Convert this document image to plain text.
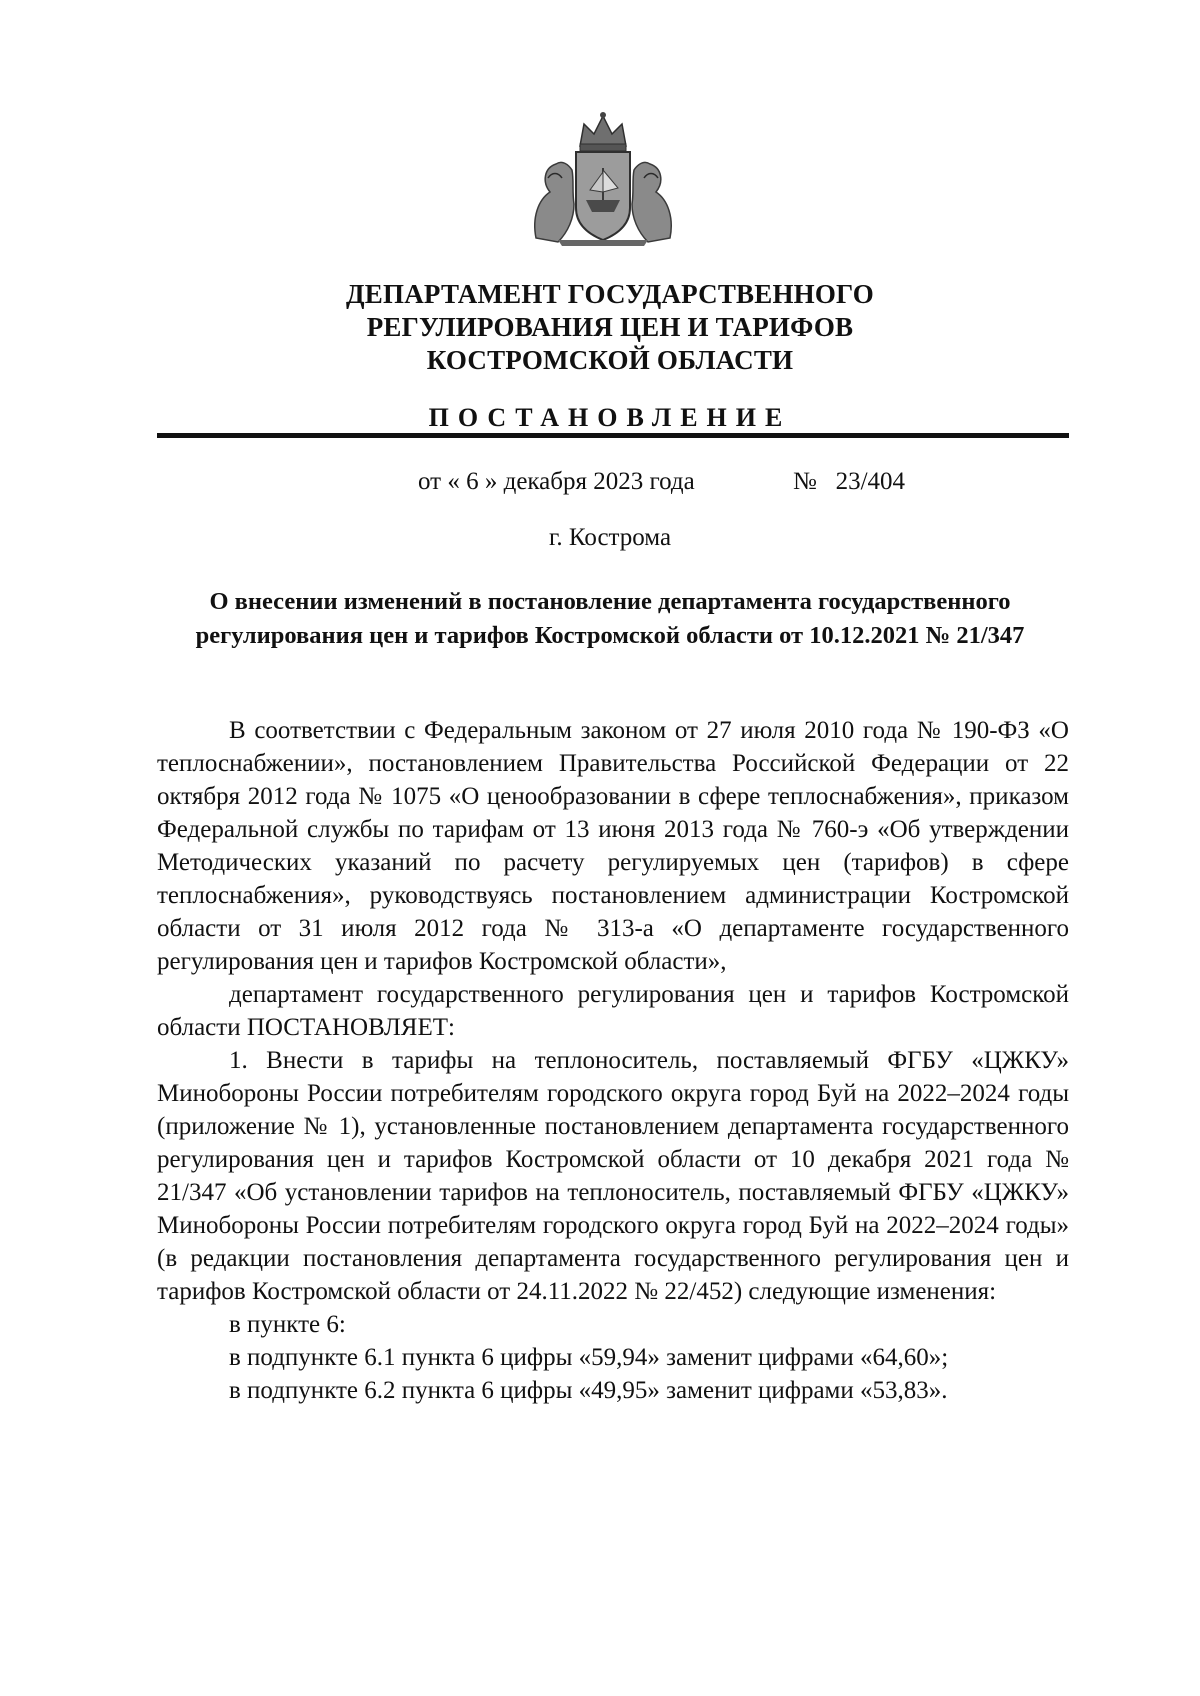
ДЕПАРТАМЕНТ ГОСУДАРСТВЕННОГО
РЕГУЛИРОВАНИЯ ЦЕН И ТАРИФОВ
КОСТРОМСКОЙ ОБЛАСТИ
ПОСТАНОВЛЕНИЕ
от « 6 » декабря 2023 года	№   23/404
г. Кострома
О внесении изменений в постановление департамента государственного
регулирования цен и тарифов Костромской области от 10.12.2021 № 21/347

В соответствии с Федеральным законом от 27 июля 2010 года № 190-ФЗ «О теплоснабжении», постановлением Правительства Российской Федерации от 22 октября 2012 года № 1075 «О ценообразовании в сфере теплоснабжения», приказом Федеральной службы по тарифам от 13 июня 2013 года № 760-э «Об утверждении Методических указаний по расчету регулируемых цен (тарифов) в сфере теплоснабжения», руководствуясь постановлением администрации Костромской области от 31 июля 2012 года № 313-а «О департаменте государственного регулирования цен и тарифов Костромской области»,

департамент государственного регулирования цен и тарифов Костромской области ПОСТАНОВЛЯЕТ:

1. Внести в тарифы на теплоноситель, поставляемый ФГБУ «ЦЖКУ» Минобороны России потребителям городского округа город Буй на 2022–2024 годы (приложение № 1), установленные постановлением департамента государственного регулирования цен и тарифов Костромской области от 10 декабря 2021 года № 21/347 «Об установлении тарифов на теплоноситель, поставляемый ФГБУ «ЦЖКУ» Минобороны России потребителям городского округа город Буй на 2022–2024 годы» (в редакции постановления департамента государственного регулирования цен и тарифов Костромской области от 24.11.2022 № 22/452) следующие изменения:

в пункте 6:

в подпункте 6.1 пункта 6 цифры «59,94» заменит цифрами «64,60»;

в подпункте 6.2 пункта 6 цифры «49,95» заменит цифрами «53,83».
